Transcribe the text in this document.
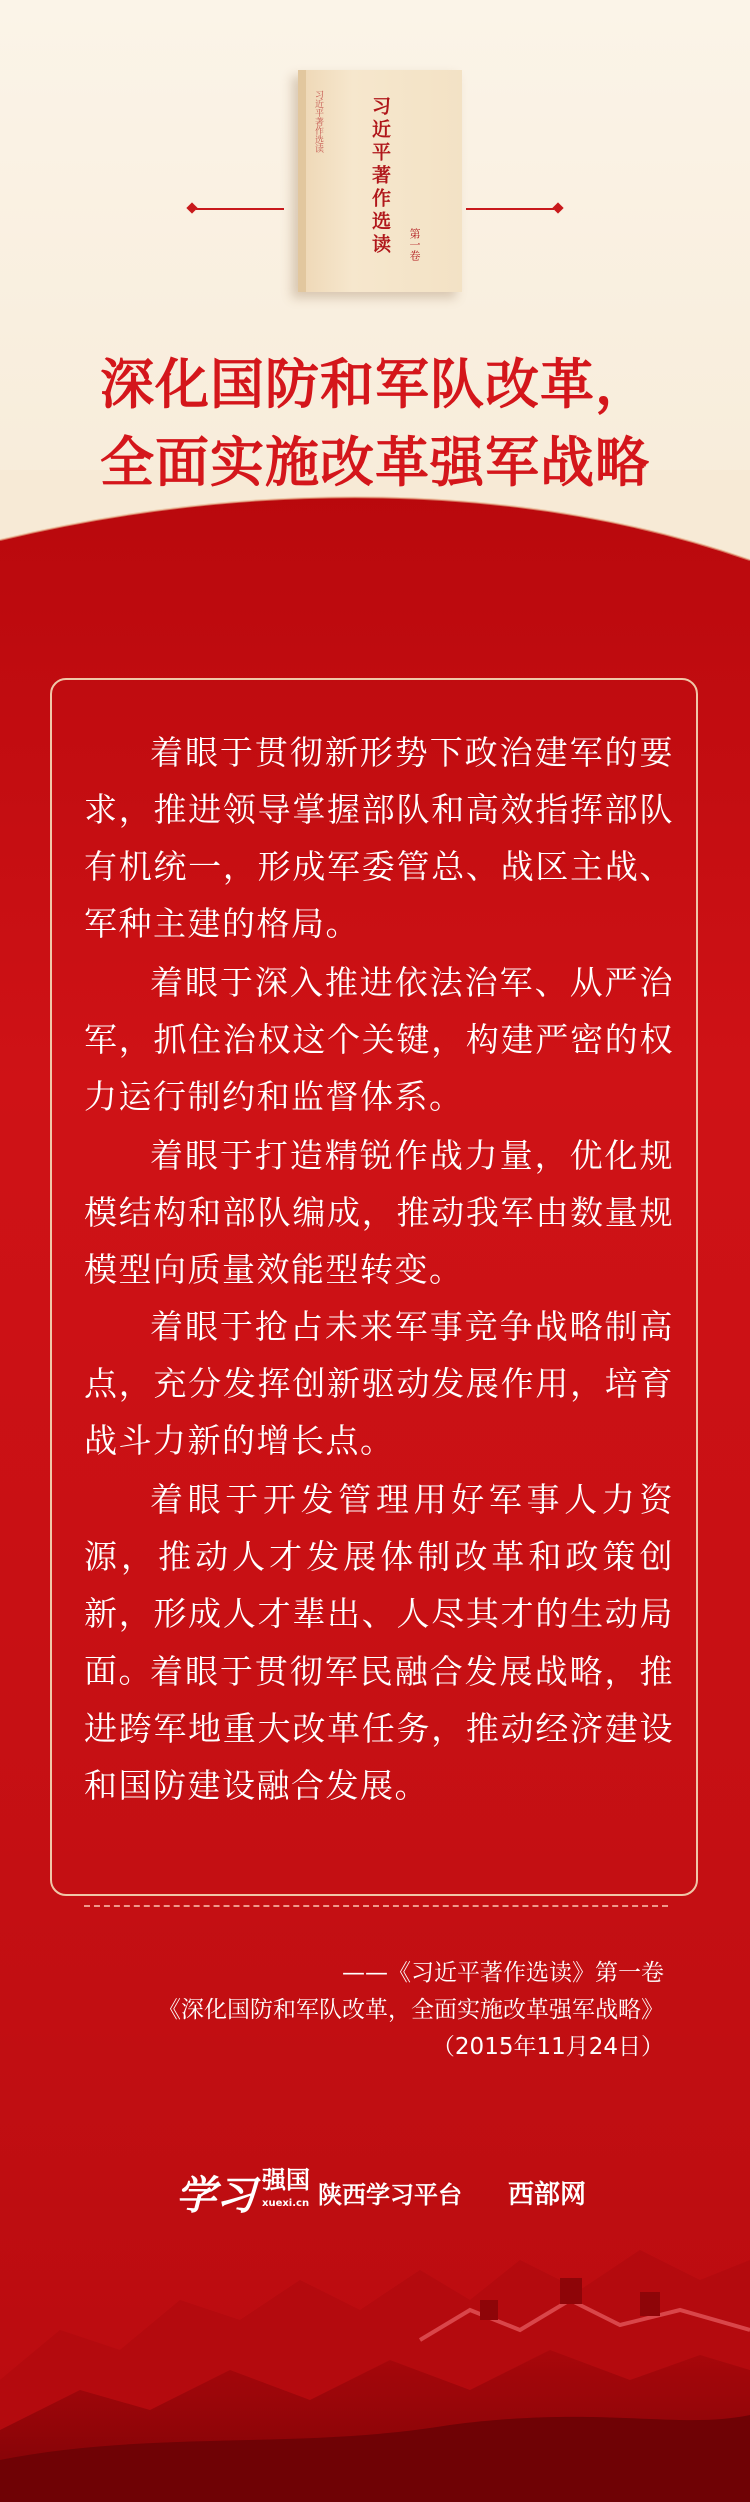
习近平著作选读 习近平著作选读 第一卷
深化国防和军队改革，
全面实施改革强军战略
着眼于贯彻新形势下政治建军的要求，推进领导掌握部队和高效指挥部队有机统一，形成军委管总、战区主战、军种主建的格局。
着眼于深入推进依法治军、从严治军，抓住治权这个关键，构建严密的权力运行制约和监督体系。
着眼于打造精锐作战力量，优化规模结构和部队编成，推动我军由数量规模型向质量效能型转变。
着眼于抢占未来军事竞争战略制高点，充分发挥创新驱动发展作用，培育战斗力新的增长点。
着眼于开发管理用好军事人力资源，推动人才发展体制改革和政策创新，形成人才辈出、人尽其才的生动局面。
着眼于贯彻军民融合发展战略，推进跨军地重大改革任务，推动经济建设和国防建设融合发展。
——《习近平著作选读》第一卷
《深化国防和军队改革，全面实施改革强军战略》
（2015年11月24日）
学习 强国
xuexi.cn 陕西学习平台 西部网
